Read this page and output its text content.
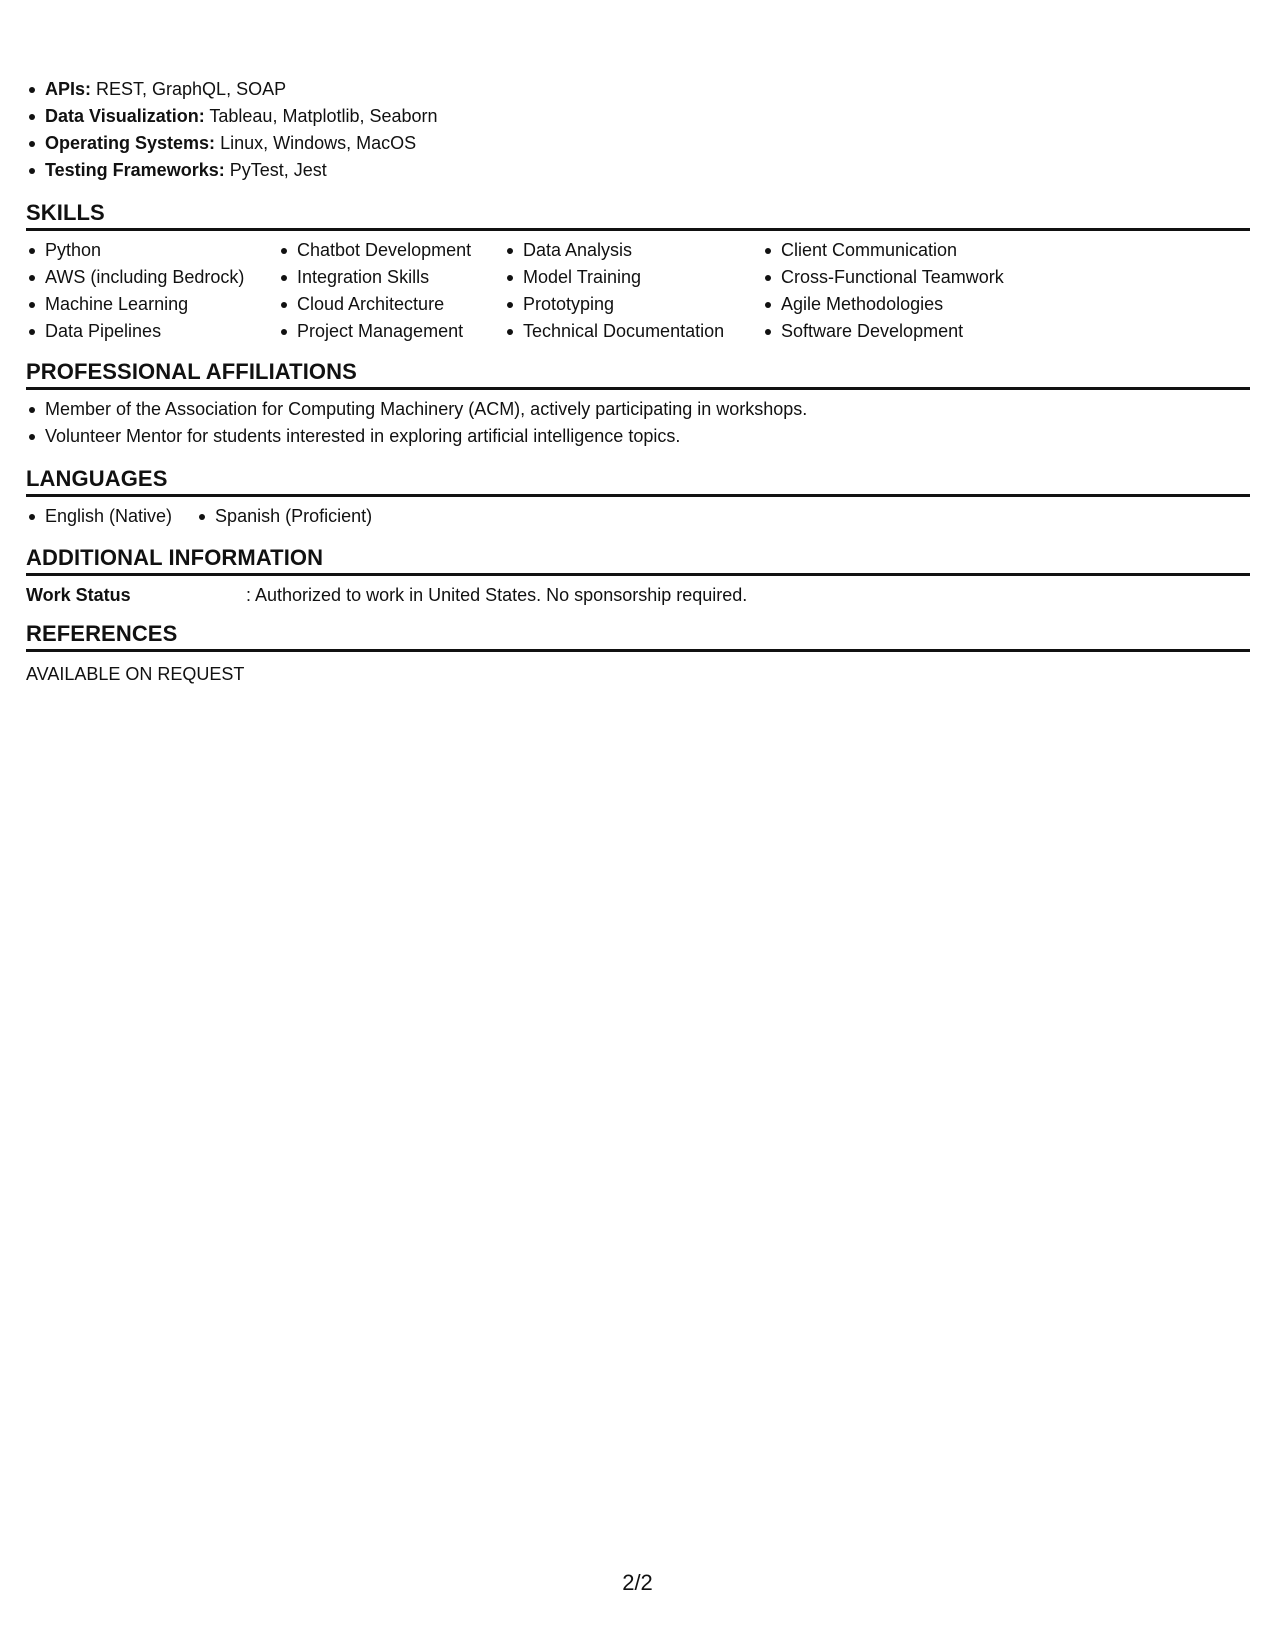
APIs: REST, GraphQL, SOAP
Data Visualization: Tableau, Matplotlib, Seaborn
Operating Systems: Linux, Windows, MacOS
Testing Frameworks: PyTest, Jest
SKILLS
Python
AWS (including Bedrock)
Machine Learning
Data Pipelines
Chatbot Development
Integration Skills
Cloud Architecture
Project Management
Data Analysis
Model Training
Prototyping
Technical Documentation
Client Communication
Cross-Functional Teamwork
Agile Methodologies
Software Development
PROFESSIONAL AFFILIATIONS
Member of the Association for Computing Machinery (ACM), actively participating in workshops.
Volunteer Mentor for students interested in exploring artificial intelligence topics.
LANGUAGES
English (Native)	Spanish (Proficient)
ADDITIONAL INFORMATION
Work Status	: Authorized to work in United States. No sponsorship required.
REFERENCES
AVAILABLE ON REQUEST
2/2
